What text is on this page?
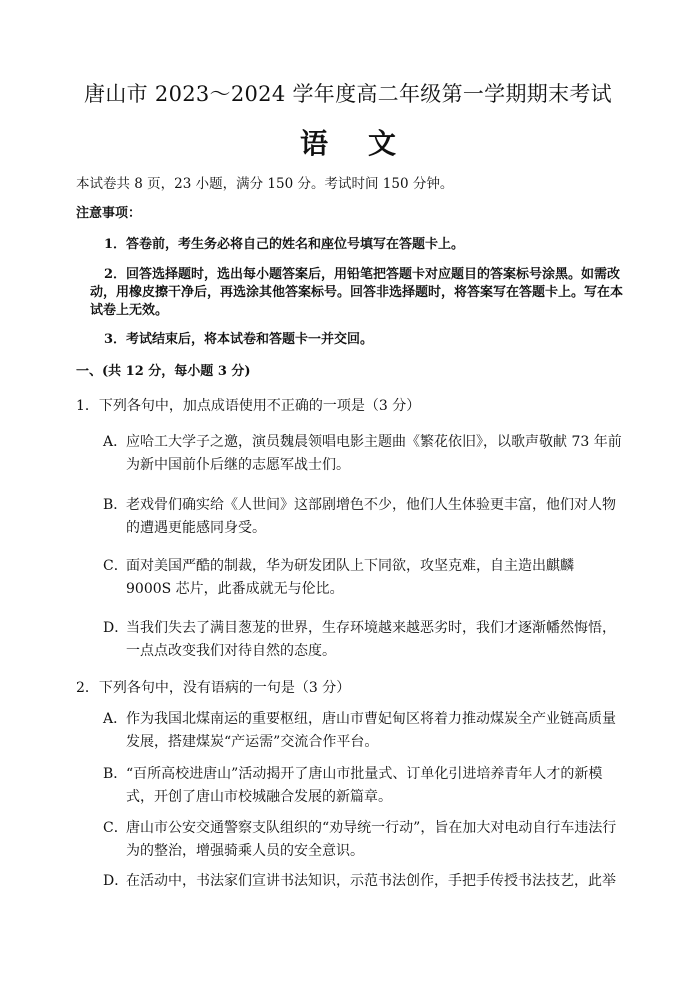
唐山市 2023～2024 学年度高二年级第一学期期末考试
语文
本试卷共 8 页，23 小题，满分 150 分。考试时间 150 分钟。
注意事项：
1．答卷前，考生务必将自己的姓名和座位号填写在答题卡上。
2．回答选择题时，选出每小题答案后，用铅笔把答题卡对应题目的答案标号涂黑。如需改动，用橡皮擦干净后，再选涂其他答案标号。回答非选择题时，将答案写在答题卡上。写在本试卷上无效。
3．考试结束后，将本试卷和答题卡一并交回。
一、(共 12 分，每小题 3 分)
1．下列各句中，加点成语使用不正确的一项是（3 分）
A．
应哈工大学子之邀，演员魏晨领唱电影主题曲《繁花依旧》，以歌声敬献 73 年前为新中国前仆后继的志愿军战士们。
B．
老戏骨们确实给《人世间》这部剧增色不少，他们人生体验更丰富，他们对人物的遭遇更能感同身受。
C．
面对美国严酷的制裁，华为研发团队上下同欲，攻坚克难，自主造出麒麟 9000S 芯片，此番成就无与伦比。
D．
当我们失去了满目葱茏的世界，生存环境越来越恶劣时，我们才逐渐幡然悔悟，一点点改变我们对待自然的态度。
2．下列各句中，没有语病的一句是（3 分）
A．
作为我国北煤南运的重要枢纽，唐山市曹妃甸区将着力推动煤炭全产业链高质量发展，搭建煤炭“产运需”交流合作平台。
B．
“百所高校进唐山”活动揭开了唐山市批量式、订单化引进培养青年人才的新模式，开创了唐山市校城融合发展的新篇章。
C．
唐山市公安交通警察支队组织的“劝导统一行动”，旨在加大对电动自行车违法行为的整治，增强骑乘人员的安全意识。
D．
在活动中，书法家们宣讲书法知识，示范书法创作，手把手传授书法技艺，此举
